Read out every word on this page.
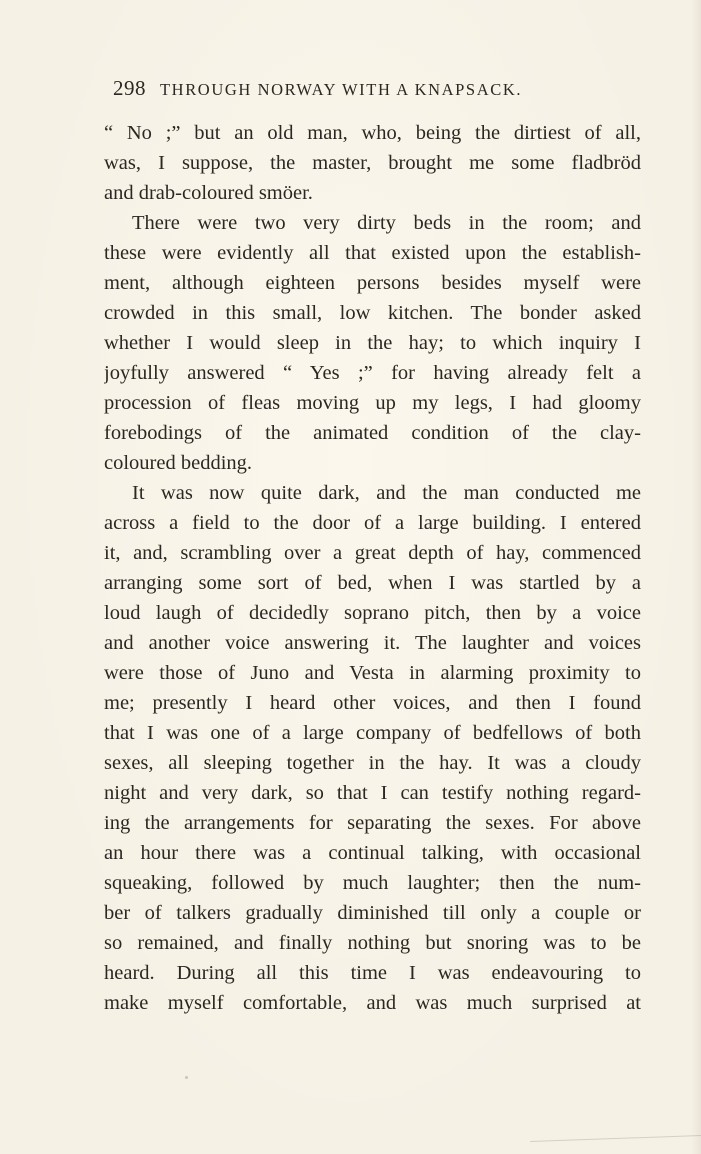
298 THROUGH NORWAY WITH A KNAPSACK.
“ No ;” but an old man, who, being the dirtiest of all,
was, I suppose, the master, brought me some fladbröd
and drab-coloured smöer.
There were two very dirty beds in the room; and
these were evidently all that existed upon the establish-
ment, although eighteen persons besides myself were
crowded in this small, low kitchen. The bonder asked
whether I would sleep in the hay; to which inquiry I
joyfully answered “ Yes ;” for having already felt a
procession of fleas moving up my legs, I had gloomy
forebodings of the animated condition of the clay-
coloured bedding.
It was now quite dark, and the man conducted me
across a field to the door of a large building. I entered
it, and, scrambling over a great depth of hay, commenced
arranging some sort of bed, when I was startled by a
loud laugh of decidedly soprano pitch, then by a voice
and another voice answering it. The laughter and voices
were those of Juno and Vesta in alarming proximity to
me; presently I heard other voices, and then I found
that I was one of a large company of bedfellows of both
sexes, all sleeping together in the hay. It was a cloudy
night and very dark, so that I can testify nothing regard-
ing the arrangements for separating the sexes. For above
an hour there was a continual talking, with occasional
squeaking, followed by much laughter; then the num-
ber of talkers gradually diminished till only a couple or
so remained, and finally nothing but snoring was to be
heard. During all this time I was endeavouring to
make myself comfortable, and was much surprised at
